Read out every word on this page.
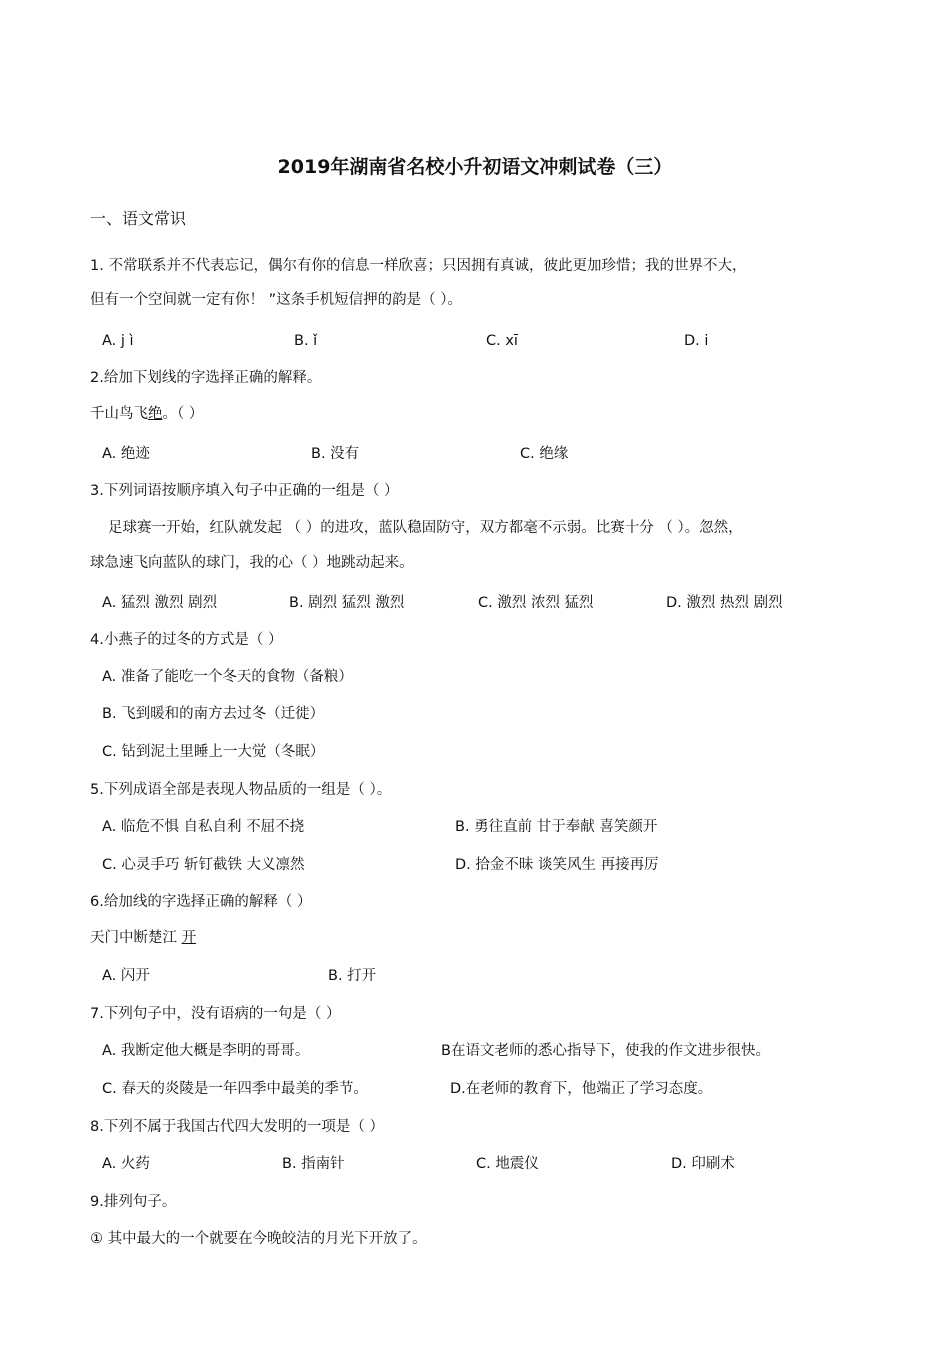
2019年湖南省名校小升初语文冲刺试卷（三）
一、语文常识
1. 不常联系并不代表忘记，偶尔有你的信息一样欣喜；只因拥有真诚，彼此更加珍惜；我的世界不大，
但有一个空间就一定有你！ ”这条手机短信押的韵是（ ）。
A. j ì	B. ǐ	C. xī	D. i
2.给加下划线的字选择正确的解释。
千山鸟飞绝。（ ）
A. 绝迹	B. 没有	C. 绝缘
3.下列词语按顺序填入句子中正确的一组是（ ）
足球赛一开始，红队就发起 （ ）的进攻，蓝队稳固防守，双方都毫不示弱。比赛十分 （ ）。忽然，
球急速飞向蓝队的球门，我的心（ ）地跳动起来。
A. 猛烈 激烈 剧烈	B. 剧烈 猛烈 激烈	C. 激烈 浓烈 猛烈	D. 激烈 热烈 剧烈
4.小燕子的过冬的方式是（ ）
A. 准备了能吃一个冬天的食物（备粮）
B. 飞到暖和的南方去过冬（迁徙）
C. 钻到泥土里睡上一大觉（冬眠）
5.下列成语全部是表现人物品质的一组是（ ）。
A. 临危不惧 自私自利 不屈不挠	B. 勇往直前 甘于奉献 喜笑颜开
C. 心灵手巧 斩钉截铁 大义凛然	D. 拾金不昧 谈笑风生 再接再厉
6.给加线的字选择正确的解释（ ）
天门中断楚江 开
A. 闪开	B. 打开
7.下列句子中，没有语病的一句是（ ）
A. 我断定他大概是李明的哥哥。	B在语文老师的悉心指导下，使我的作文进步很快。
C. 春天的炎陵是一年四季中最美的季节。	D.在老师的教育下，他端正了学习态度。
8.下列不属于我国古代四大发明的一项是（ ）
A. 火药	B. 指南针	C. 地震仪	D. 印刷术
9.排列句子。
① 其中最大的一个就要在今晚皎洁的月光下开放了。
